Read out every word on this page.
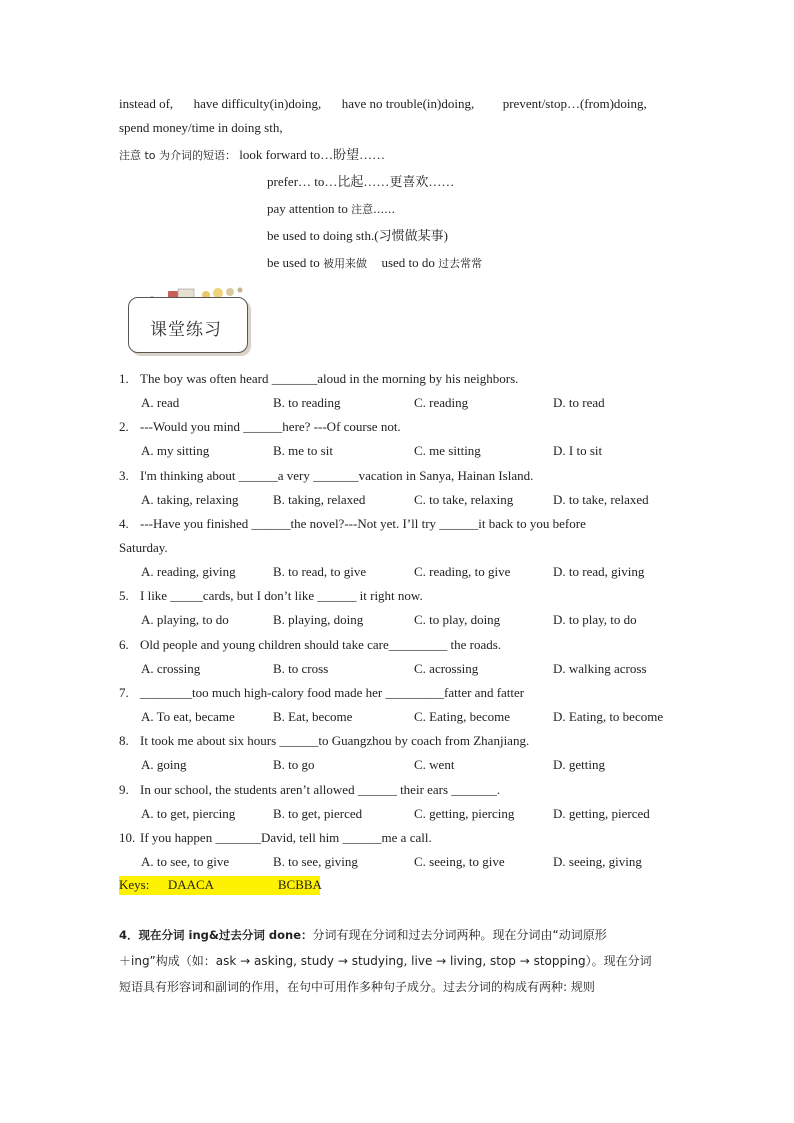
instead of, have difficulty(in)doing, have no trouble(in)doing, prevent/stop…(from)doing,
spend money/time in doing sth,
注意 to 为介词的短语： look forward to…盼望……
prefer… to…比起……更喜欢……
pay attention to 注意……
be used to doing sth.(习惯做某事)
be used to 被用来做 used to do 过去常常
课堂练习
1. The boy was often heard _______aloud in the morning by his neighbors.
A. read	B. to reading	C. reading	D. to read
2. ---Would you mind ______here? ---Of course not.
A. my sitting	B. me to sit	C. me sitting	D. I to sit
3. I'm thinking about ______a very _______vacation in Sanya, Hainan Island.
A. taking, relaxing	B. taking, relaxed	C. to take, relaxing	D. to take, relaxed
4. ---Have you finished ______the novel?---Not yet. I’ll try ______it back to you before
Saturday.
A. reading, giving	B. to read, to give	C. reading, to give	D. to read, giving
5. I like _____cards, but I don’t like ______ it right now.
A. playing, to do	B. playing, doing	C. to play, doing	D. to play, to do
6. Old people and young children should take care_________ the roads.
A. crossing	B. to cross	C. acrossing	D. walking across
7. ________too much high-calory food made her _________fatter and fatter
A. To eat, became	B. Eat, become	C. Eating, become	D. Eating, to become
8. It took me about six hours ______to Guangzhou by coach from Zhanjiang.
A. going	B. to go	C. went	D. getting
9. In our school, the students aren’t allowed ______ their ears _______.
A. to get, piercing	B. to get, pierced	C. getting, piercing	D. getting, pierced
10. If you happen _______David, tell him ______me a call.
A. to see, to give	B. to see, giving	C. seeing, to give	D. seeing, giving
Keys: DAACA	BCBBA
4．现在分词 ing&过去分词 done：分词有现在分词和过去分词两种。现在分词由“动词原形
＋ing”构成（如：ask → asking, study → studying, live → living, stop → stopping）。现在分词
短语具有形容词和副词的作用，在句中可用作多种句子成分。过去分词的构成有两种: 规则
